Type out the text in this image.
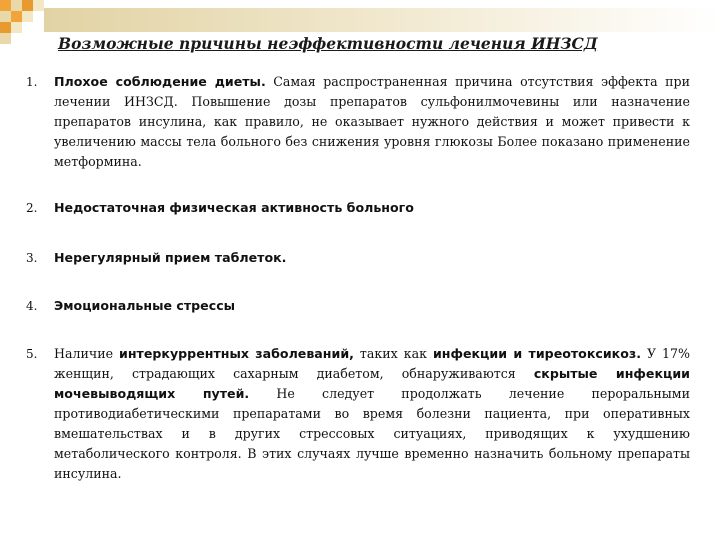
Возможные причины неэффективности лечения ИНЗСД
1.	Плохое соблюдение диеты. Самая распространенная причина отсутствия эффекта при лечении ИНЗСД. Повышение дозы препаратов сульфонилмочевины или назначение препаратов инсулина, как правило, не оказывает нужного действия и может привести к увеличению массы тела больного без снижения уровня глюкозы Более показано применение метформина.
2.	Недостаточная физическая активность больного
3.	Нерегулярный прием таблеток.
4.	Эмоциональные стрессы
5.	Наличие интеркуррентных заболеваний, таких как инфекции и тиреотоксикоз. У 17% женщин, страдающих сахарным диабетом, обнаруживаются скрытые инфекции мочевыводящих путей. Не следует продолжать лечение пероральными противодиабетическими препаратами во время болезни пациента, при оперативных вмешательствах и в других стрессовых ситуациях, приводящих к ухудшению метаболического контроля. В этих случаях лучше временно назначить больному препараты инсулина.
